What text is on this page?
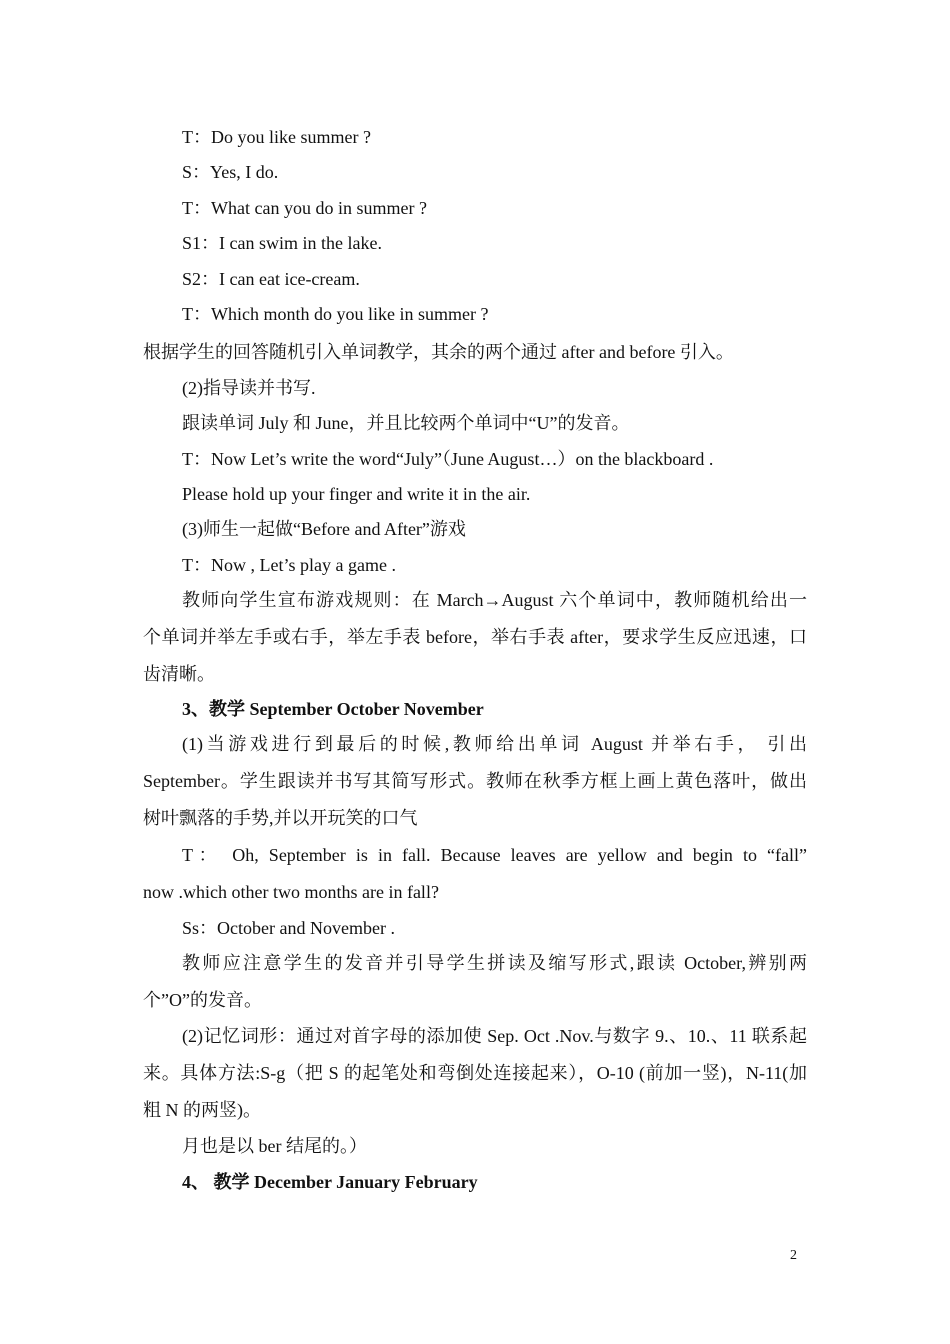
T：Do you like summer ?
S：Yes, I do.
T：What can you do in summer ?
S1：I can swim in the lake.
S2：I can eat ice-cream.
T：Which month do you like in summer ?
根据学生的回答随机引入单词教学，其余的两个通过 after and before 引入。
(2)指导读并书写.
跟读单词 July 和 June，并且比较两个单词中“U”的发音。
T：Now Let’s write the word“July”（June August…）on the blackboard .
Please hold up your finger and write it in the air.
(3)师生一起做“Before and After”游戏
T：Now , Let’s play a game .
教师向学生宣布游戏规则：在 March→August 六个单词中，教师随机给出一
个单词并举左手或右手，举左手表 before，举右手表 after，要求学生反应迅速，口
齿清晰。
3、教学 September October November
(1)当游戏进行到最后的时候,教师给出单词 August 并举右手， 引出
September。学生跟读并书写其简写形式。教师在秋季方框上画上黄色落叶，做出
树叶飘落的手势,并以开玩笑的口气
T： Oh, September is in fall. Because leaves are yellow and begin to “fall”
now .which other two months are in fall?
Ss：October and November .
教师应注意学生的发音并引导学生拼读及缩写形式,跟读 October,辨别两
个”O”的发音。
(2)记忆词形：通过对首字母的添加使 Sep. Oct .Nov.与数字 9.、10.、11 联系起
来。具体方法:S-g（把 S 的起笔处和弯倒处连接起来），O-10 (前加一竖)，N-11(加
粗 N 的两竖)。
月也是以 ber 结尾的。）
4、 教学 December January February
2
